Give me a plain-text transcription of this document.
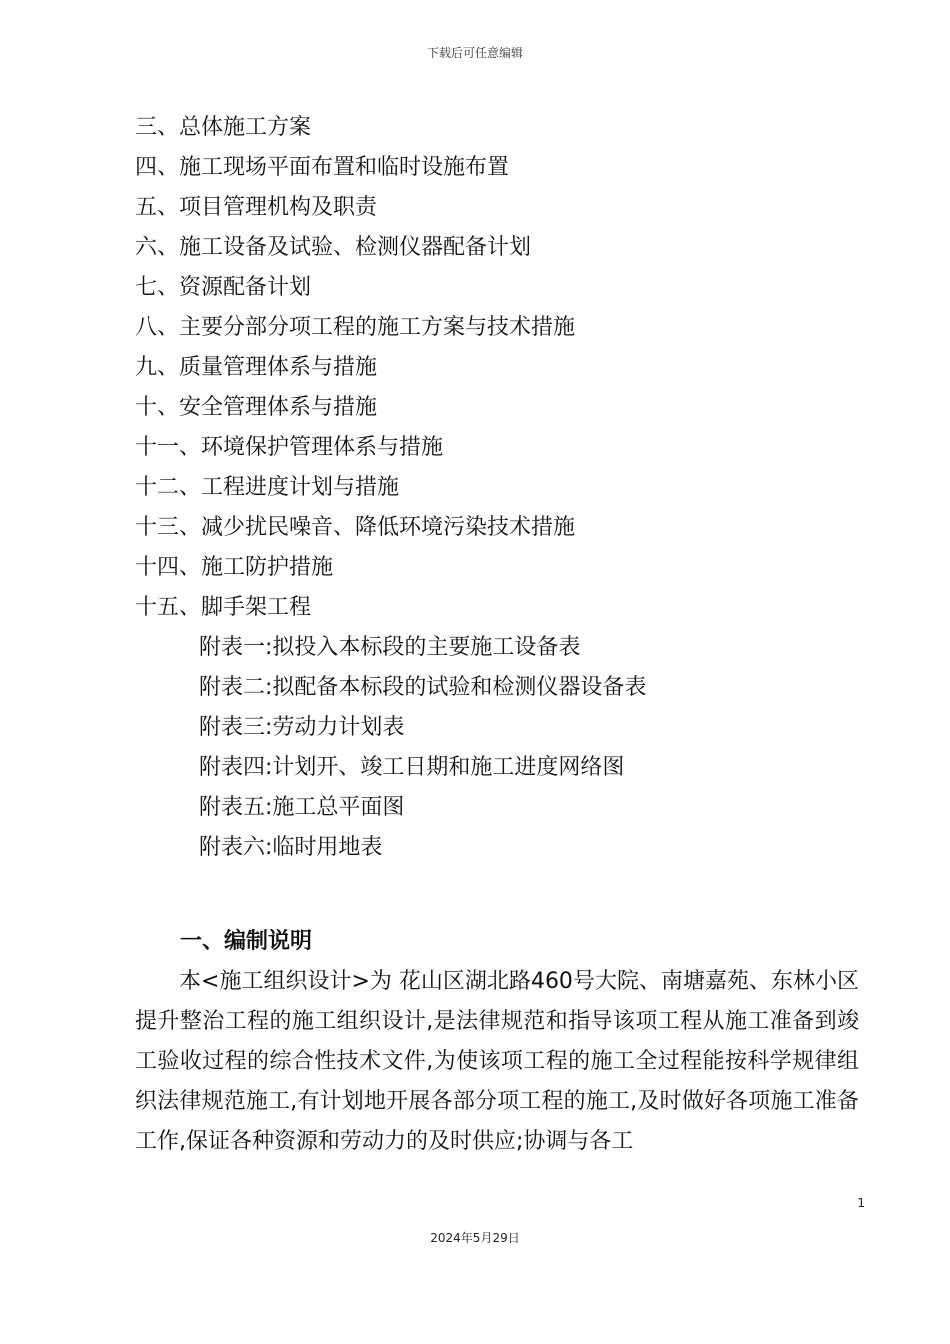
下载后可任意编辑
三、总体施工方案
四、施工现场平面布置和临时设施布置
五、项目管理机构及职责
六、施工设备及试验、检测仪器配备计划
七、资源配备计划
八、主要分部分项工程的施工方案与技术措施
九、质量管理体系与措施
十、安全管理体系与措施
十一、环境保护管理体系与措施
十二、工程进度计划与措施
十三、减少扰民噪音、降低环境污染技术措施
十四、施工防护措施
十五、脚手架工程
附表一:拟投入本标段的主要施工设备表
附表二:拟配备本标段的试验和检测仪器设备表
附表三:劳动力计划表
附表四:计划开、竣工日期和施工进度网络图
附表五:施工总平面图
附表六:临时用地表
一、编制说明

本<施工组织设计>为 花山区湖北路460号大院、南塘嘉苑、东林小区提升整治工程的施工组织设计,是法律规范和指导该项工程从施工准备到竣工验收过程的综合性技术文件,为使该项工程的施工全过程能按科学规律组织法律规范施工,有计划地开展各部分项工程的施工,及时做好各项施工准备工作,保证各种资源和劳动力的及时供应;协调与各工

1
2024年5月29日
